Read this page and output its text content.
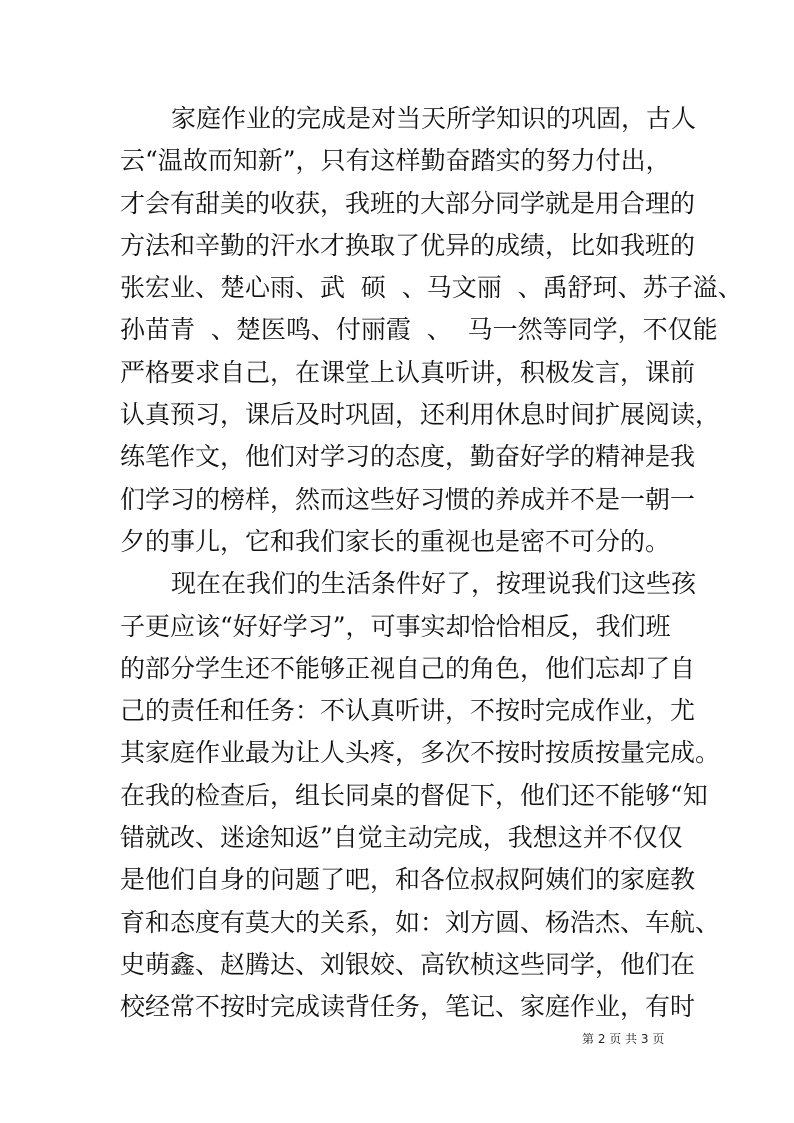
家庭作业的完成是对当天所学知识的巩固，古人
云“温故而知新”，只有这样勤奋踏实的努力付出，
才会有甜美的收获，我班的大部分同学就是用合理的
方法和辛勤的汗水才换取了优异的成绩，比如我班的
张宏业、楚心雨、武  硕  、马文丽  、禹舒珂、苏子溢、
孙苗青  、楚医鸣、付丽霞  、  马一然等同学，不仅能
严格要求自己，在课堂上认真听讲，积极发言，课前
认真预习，课后及时巩固，还利用休息时间扩展阅读，
练笔作文，他们对学习的态度，勤奋好学的精神是我
们学习的榜样，然而这些好习惯的养成并不是一朝一
夕的事儿，它和我们家长的重视也是密不可分的。
现在在我们的生活条件好了，按理说我们这些孩
子更应该“好好学习”，可事实却恰恰相反，我们班
的部分学生还不能够正视自己的角色，他们忘却了自
己的责任和任务：不认真听讲，不按时完成作业，尤
其家庭作业最为让人头疼，多次不按时按质按量完成。
在我的检查后，组长同桌的督促下，他们还不能够“知
错就改、迷途知返”自觉主动完成，我想这并不仅仅
是他们自身的问题了吧，和各位叔叔阿姨们的家庭教
育和态度有莫大的关系，如：刘方圆、杨浩杰、车航、
史萌鑫、赵腾达、刘银姣、高钦桢这些同学，他们在
校经常不按时完成读背任务，笔记、家庭作业，有时
第 2 页 共 3 页
